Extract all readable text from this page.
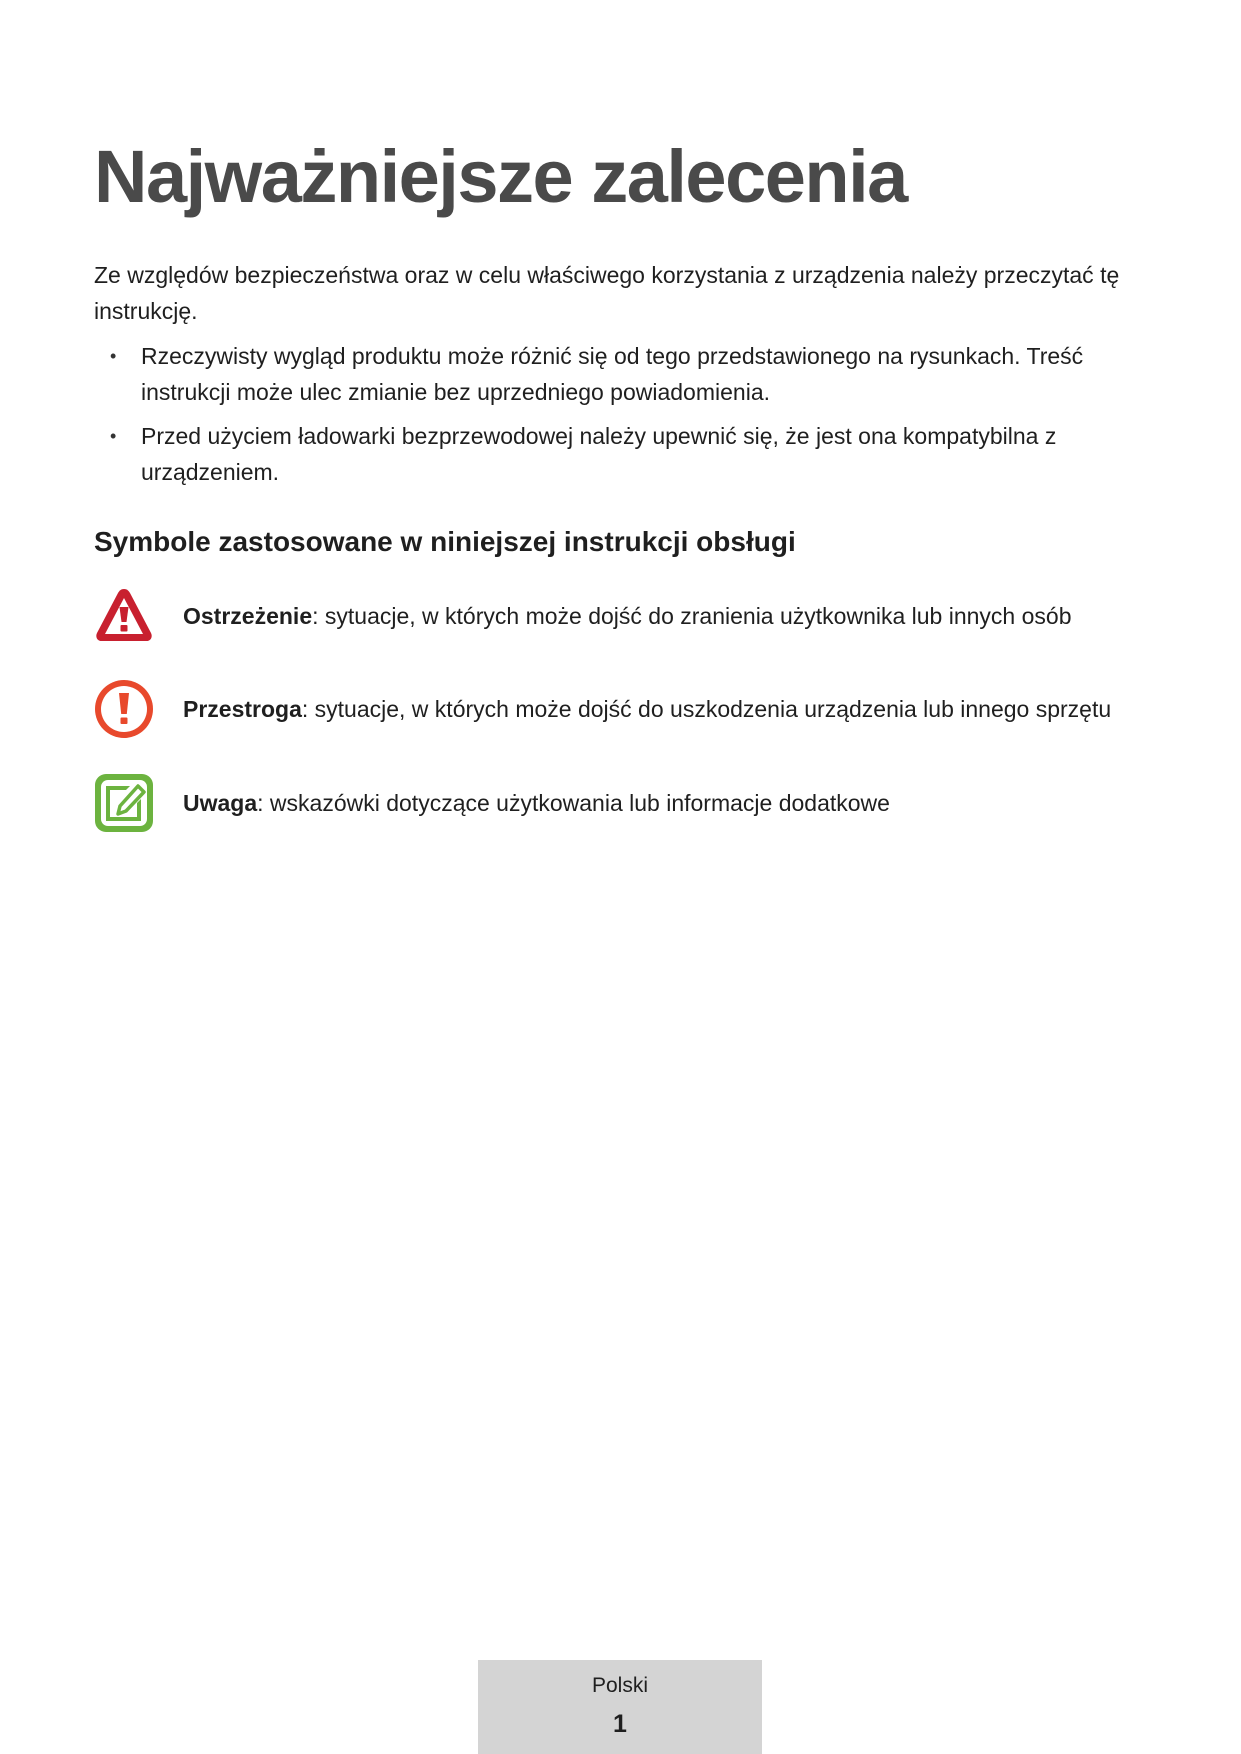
Najważniejsze zalecenia

Ze względów bezpieczeństwa oraz w celu właściwego korzystania z urządzenia należy przeczytać tę instrukcję.

• Rzeczywisty wygląd produktu może różnić się od tego przedstawionego na rysunkach. Treść instrukcji może ulec zmianie bez uprzedniego powiadomienia.
• Przed użyciem ładowarki bezprzewodowej należy upewnić się, że jest ona kompatybilna z urządzeniem.
Symbole zastosowane w niniejszej instrukcji obsługi
Ostrzeżenie: sytuacje, w których może dojść do zranienia użytkownika lub innych osób
Przestroga: sytuacje, w których może dojść do uszkodzenia urządzenia lub innego sprzętu
Uwaga: wskazówki dotyczące użytkowania lub informacje dodatkowe
Polski
1
